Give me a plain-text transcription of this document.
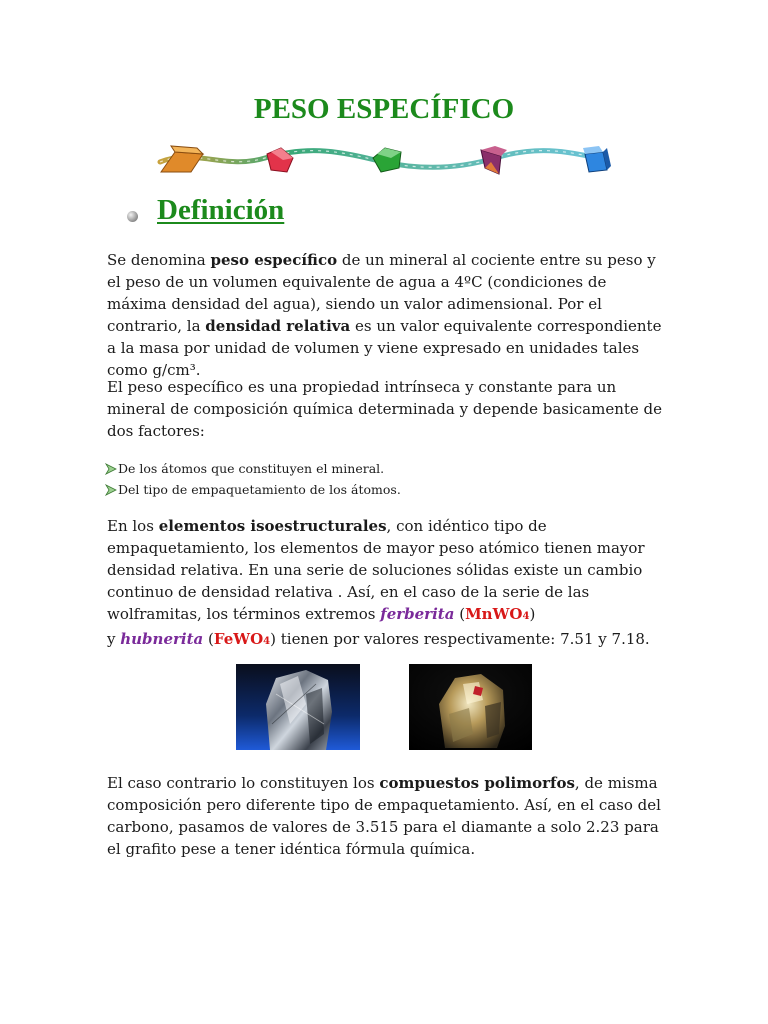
PESO ESPECÍFICO
Definición

Se denomina peso específico de un mineral al cociente entre su peso y el peso de un volumen equivalente de agua a 4ºC (condiciones de máxima densidad del agua), siendo un valor adimensional. Por el contrario, la densidad relativa es un valor equivalente correspondiente a la masa por unidad de volumen y viene expresado en unidades tales como g/cm³.

El peso específico es una propiedad intrínseca y constante para un mineral de composición química determinada y depende basicamente de dos factores:

De los átomos que constituyen el mineral.
Del tipo de empaquetamiento de los átomos.

En los elementos isoestructurales, con idéntico tipo de empaquetamiento, los elementos de mayor peso atómico tienen mayor densidad relativa. En una serie de soluciones sólidas existe un cambio continuo de densidad relativa . Así, en el caso de la serie de las wolframitas, los términos extremos ferberita (MnWO4)
y hubnerita (FeWO4) tienen por valores respectivamente: 7.51 y 7.18.

El caso contrario lo constituyen los compuestos polimorfos, de misma composición pero diferente tipo de empaquetamiento. Así, en el caso del carbono, pasamos de valores de 3.515 para el diamante a solo 2.23 para el grafito pese a tener idéntica fórmula química.
